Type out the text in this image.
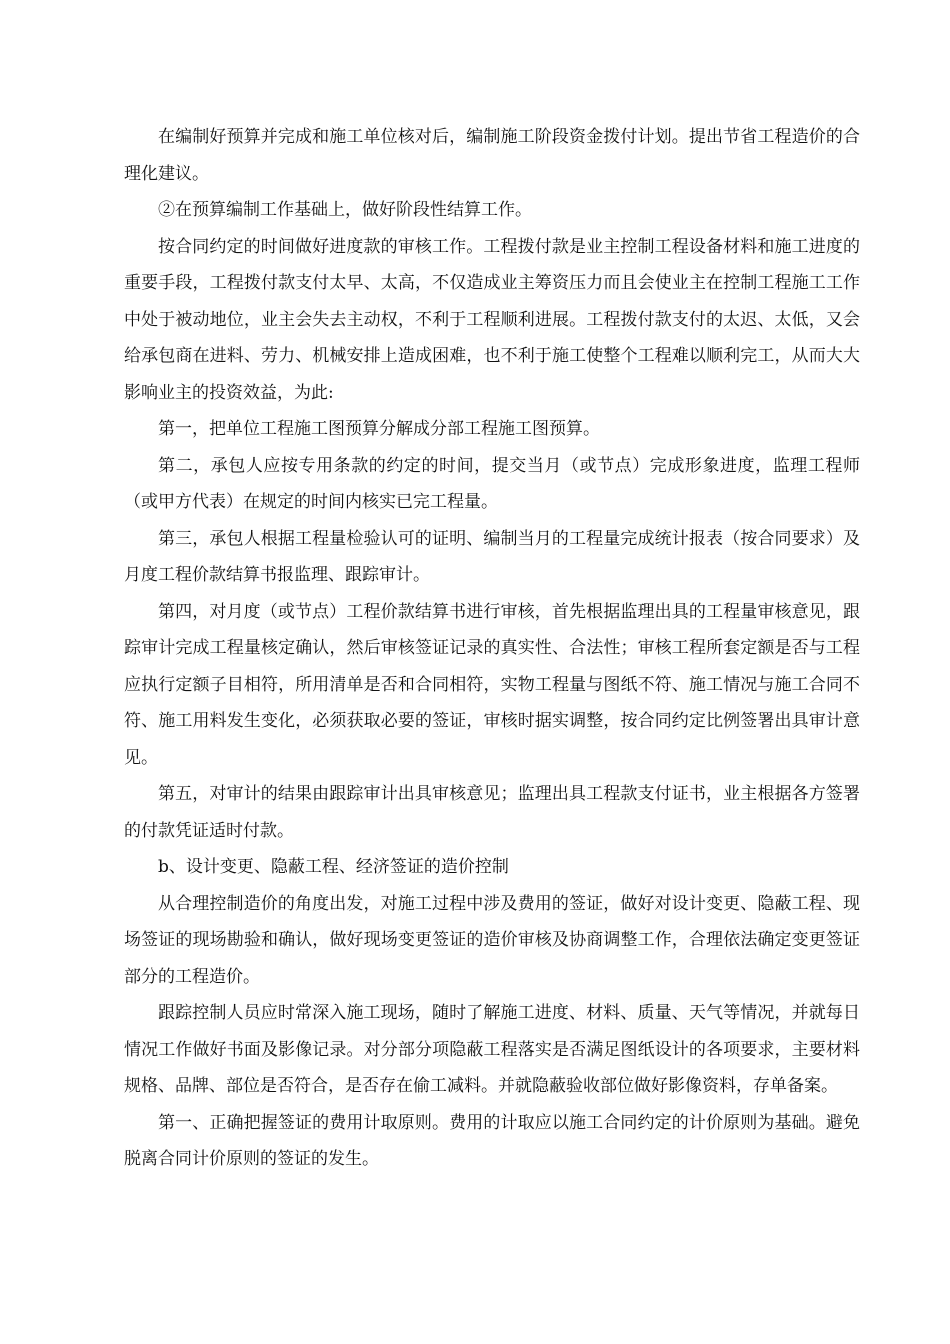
在编制好预算并完成和施工单位核对后，编制施工阶段资金拨付计划。提出节省工程造价的合理化建议。

②在预算编制工作基础上，做好阶段性结算工作。

按合同约定的时间做好进度款的审核工作。工程拨付款是业主控制工程设备材料和施工进度的重要手段，工程拨付款支付太早、太高，不仅造成业主筹资压力而且会使业主在控制工程施工工作中处于被动地位，业主会失去主动权，不利于工程顺利进展。工程拨付款支付的太迟、太低，又会给承包商在进料、劳力、机械安排上造成困难，也不利于施工使整个工程难以顺利完工，从而大大影响业主的投资效益，为此:

第一，把单位工程施工图预算分解成分部工程施工图预算。

第二，承包人应按专用条款的约定的时间，提交当月（或节点）完成形象进度，监理工程师（或甲方代表）在规定的时间内核实已完工程量。

第三，承包人根据工程量检验认可的证明、编制当月的工程量完成统计报表（按合同要求）及月度工程价款结算书报监理、跟踪审计。

第四，对月度（或节点）工程价款结算书进行审核，首先根据监理出具的工程量审核意见，跟踪审计完成工程量核定确认，然后审核签证记录的真实性、合法性；审核工程所套定额是否与工程应执行定额子目相符，所用清单是否和合同相符，实物工程量与图纸不符、施工情况与施工合同不符、施工用料发生变化，必须获取必要的签证，审核时据实调整，按合同约定比例签署出具审计意见。

第五，对审计的结果由跟踪审计出具审核意见；监理出具工程款支付证书，业主根据各方签署的付款凭证适时付款。

b、设计变更、隐蔽工程、经济签证的造价控制

从合理控制造价的角度出发，对施工过程中涉及费用的签证，做好对设计变更、隐蔽工程、现场签证的现场勘验和确认，做好现场变更签证的造价审核及协商调整工作，合理依法确定变更签证部分的工程造价。

跟踪控制人员应时常深入施工现场，随时了解施工进度、材料、质量、天气等情况，并就每日情况工作做好书面及影像记录。对分部分项隐蔽工程落实是否满足图纸设计的各项要求，主要材料规格、品牌、部位是否符合，是否存在偷工减料。并就隐蔽验收部位做好影像资料，存单备案。

第一、正确把握签证的费用计取原则。费用的计取应以施工合同约定的计价原则为基础。避免脱离合同计价原则的签证的发生。
